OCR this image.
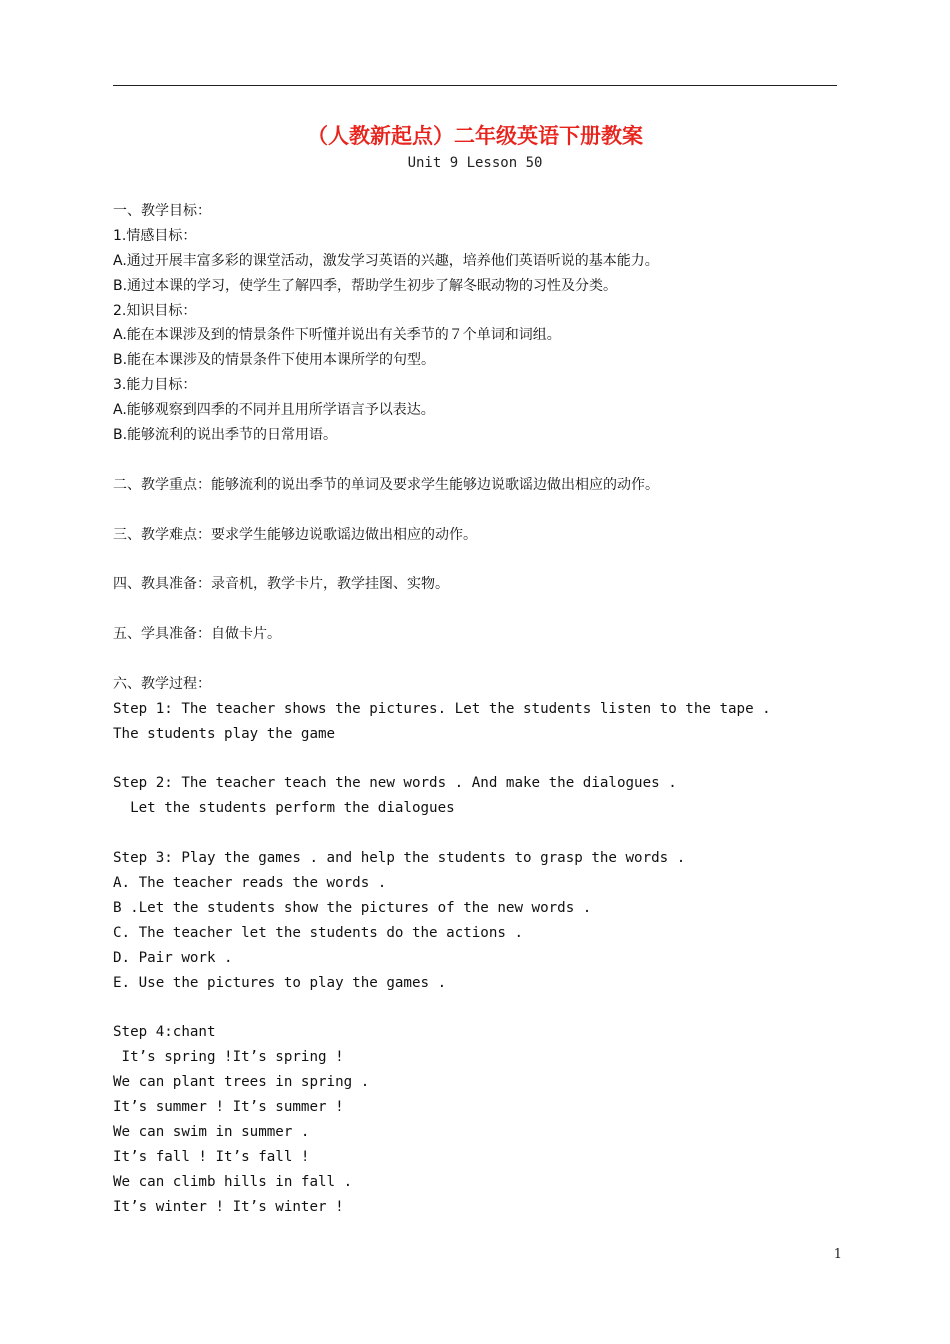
（人教新起点）二年级英语下册教案
Unit 9 Lesson 50
一、教学目标：
1.情感目标：
A.通过开展丰富多彩的课堂活动，激发学习英语的兴趣，培养他们英语听说的基本能力。
B.通过本课的学习，使学生了解四季，帮助学生初步了解冬眠动物的习性及分类。
2.知识目标：
A.能在本课涉及到的情景条件下听懂并说出有关季节的７个单词和词组。
B.能在本课涉及的情景条件下使用本课所学的句型。
3.能力目标：
A.能够观察到四季的不同并且用所学语言予以表达。
B.能够流利的说出季节的日常用语。
二、教学重点：能够流利的说出季节的单词及要求学生能够边说歌谣边做出相应的动作。
三、教学难点：要求学生能够边说歌谣边做出相应的动作。
四、教具准备：录音机，教学卡片，教学挂图、实物。
五、学具准备：自做卡片。
六、教学过程：
Step 1: The teacher shows the pictures. Let the students listen to the tape .
The students play the game
Step 2: The teacher teach the new words . And make the dialogues .
Let the students perform the dialogues
Step 3: Play the games . and help the students to grasp the words .
A. The teacher reads the words .
B .Let the students show the pictures of the new words .
C. The teacher let the students do the actions .
D. Pair work .
E. Use the pictures to play the games .
Step 4:chant
It’s spring !It’s spring !
We can plant trees in spring .
It’s summer ! It’s summer !
We can swim in summer .
It’s fall ! It’s fall !
We can climb hills in fall .
It’s winter ! It’s winter !
1
